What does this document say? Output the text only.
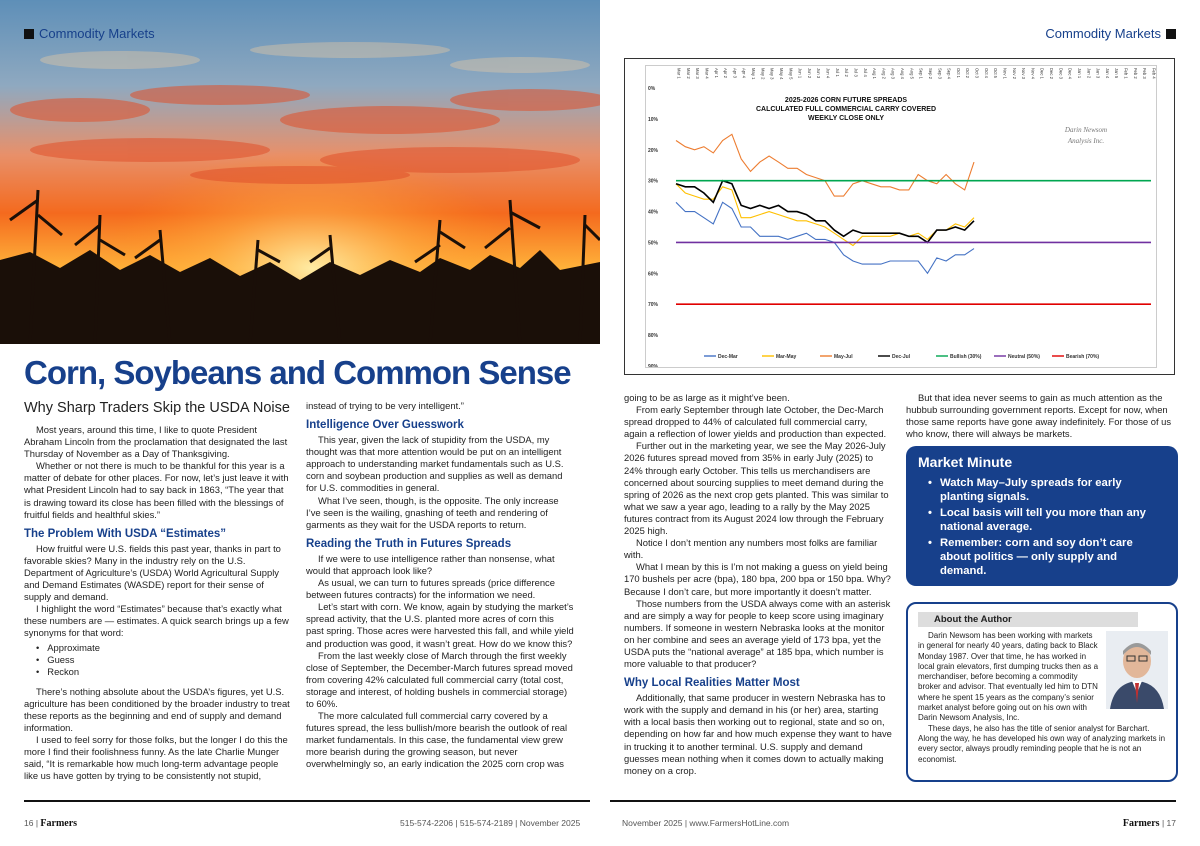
Commodity Markets	Commodity Markets
0%
10%
20%
30%
40%
50%
60%
70%
80%
90%
Mar 1 Mar 2 Mar 3 Mar 4 Apr 1 Apr 2 Apr 3 Apr 4 May 1 May 2 May 3 May 4 May 5 Jun 1 Jun 2 Jun 3 Jun 4 Jul 1 Jul 2 Jul 3 Jul 4 Aug 1 Aug 2 Aug 3 Aug 4 Aug 5 Sep 1 Sep 2 Sep 3 Sep 4 Oct 1 Oct 2 Oct 3 Oct 4 Oct 5 Nov 1 Nov 2 Nov 3 Nov 4 Dec 1 Dec 2 Dec 3 Dec 4 Jan 1 Jan 2 Jan 3 Jan 4 Jan 5 Feb 1 Feb 2 Feb 3 Feb 4
2025-2026 CORN FUTURE SPREADS
CALCULATED FULL COMMERCIAL CARRY COVERED
WEEKLY CLOSE ONLY
Darin Newsom
Analysis Inc.
Dec-Mar	Mar-May	May-Jul	Dec-Jul	Bullish (30%)	Neutral (50%)	Bearish (70%)
Corn, Soybeans and Common Sense
Why Sharp Traders Skip the USDA Noise

Most years, around this time, I like to quote President Abraham Lincoln from the proclamation that designated the last Thursday of November as a Day of Thanksgiving.

Whether or not there is much to be thankful for this year is a matter of debate for other places. For now, let’s just leave it with what President Lincoln had to say back in 1863, “The year that is drawing toward its close has been filled with the blessings of fruitful fields and healthful skies.”

The Problem With USDA “Estimates”

How fruitful were U.S. fields this past year, thanks in part to favorable skies? Many in the industry rely on the U.S. Department of Agriculture’s (USDA) World Agricultural Supply and Demand Estimates (WASDE) report for their sense of supply and demand.

I highlight the word “Estimates” because that’s exactly what these numbers are — estimates. A quick search brings up a few synonyms for that word:

• Approximate
• Guess
• Reckon

There’s nothing absolute about the USDA’s figures, yet U.S. agriculture has been conditioned by the broader industry to treat these reports as the beginning and end of supply and demand information.

I used to feel sorry for those folks, but the longer I do this the more I find their foolishness funny. As the late Charlie Munger said, “It is remarkable how much long-term advantage people like us have gotten by trying to be consistently not stupid,

instead of trying to be very intelligent.”

Intelligence Over Guesswork

This year, given the lack of stupidity from the USDA, my thought was that more attention would be put on an intelligent approach to understanding market fundamentals such as U.S. corn and soybean production and supplies as well as demand for U.S. commodities in general.

What I’ve seen, though, is the opposite. The only increase I’ve seen is the wailing, gnashing of teeth and rendering of garments as they wait for the USDA reports to return.

Reading the Truth in Futures Spreads

If we were to use intelligence rather than nonsense, what would that approach look like?

As usual, we can turn to futures spreads (price difference between futures contracts) for the information we need.

Let’s start with corn. We know, again by studying the market’s spread activity, that the U.S. planted more acres of corn this past spring. Those acres were harvested this fall, and while yield and production was good, it wasn’t great. How do we know this?

From the last weekly close of March through the first weekly close of September, the December-March futures spread moved from covering 42% calculated full commercial carry (total cost, storage and interest, of holding bushels in commercial storage) to 60%.

The more calculated full commercial carry covered by a futures spread, the less bullish/more bearish the outlook of real market fundamentals. In this case, the fundamental view grew more bearish during the growing season, but never overwhelmingly so, an early indication the 2025 corn crop was

going to be as large as it might’ve been.

From early September through late October, the Dec-March spread dropped to 44% of calculated full commercial carry, again a reflection of lower yields and production than expected.

Further out in the marketing year, we see the May 2026-July 2026 futures spread moved from 35% in early July (2025) to 24% through early October. This tells us merchandisers are concerned about sourcing supplies to meet demand during the spring of 2026 as the next crop gets planted. This was similar to what we saw a year ago, leading to a rally by the May 2025 futures contract from its August 2024 low through the February 2025 high.

Notice I don’t mention any numbers most folks are familiar with.

What I mean by this is I’m not making a guess on yield being 170 bushels per acre (bpa), 180 bpa, 200 bpa or 150 bpa. Why? Because I don’t care, but more importantly it doesn’t matter.

Those numbers from the USDA always come with an asterisk and are simply a way for people to keep score using imaginary numbers. If someone in western Nebraska looks at the monitor on her combine and sees an average yield of 173 bpa, yet the USDA puts the “national average” at 185 bpa, which number is more valuable to that producer?

Why Local Realities Matter Most

Additionally, that same producer in western Nebraska has to work with the supply and demand in his (or her) area, starting with a local basis then working out to regional, state and so on, depending on how far and how much expense they want to have in trucking it to another terminal. U.S. supply and demand guesses mean nothing when it comes down to actually making money on a crop.

But that idea never seems to gain as much attention as the hubbub surrounding government reports. Except for now, when those same reports have gone away indefinitely. For those of us who know, there will always be markets.

Market Minute
• Watch May–July spreads for early planting signals.
• Local basis will tell you more than any national average.
• Remember: corn and soy don’t care about politics — only supply and demand.
About the Author

Darin Newsom has been working with markets in general for nearly 40 years, dating back to Black Monday 1987. Over that time, he has worked in local grain elevators, first dumping trucks then as a merchandiser, before becoming a commodity broker and advisor. That eventually led him to DTN where he spent 15 years as the company’s senior market analyst before going out on his own with Darin Newsom Analysis, Inc.

These days, he also has the title of senior analyst for Barchart. Along the way, he has developed his own way of analyzing markets in every sector, always proudly reminding people that he is not an economist.

16 | Farmers	515-574-2206 | 515-574-2189 | November 2025	November 2025 | www.FarmersHotLine.com	Farmers | 17
